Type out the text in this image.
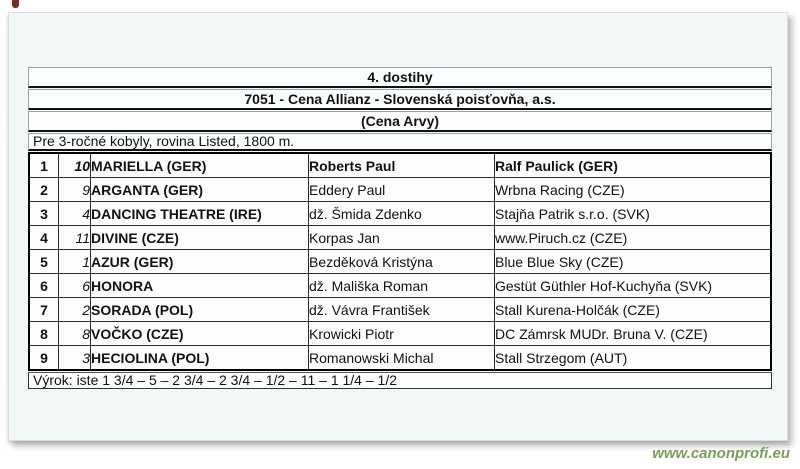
4. dostihy
7051 - Cena Allianz - Slovenská poisťovňa, a.s.
(Cena Arvy)
Pre 3-ročné kobyly, rovina Listed, 1800 m.
1	10	MARIELLA (GER)	Roberts Paul	Ralf Paulick (GER)
2	9	ARGANTA (GER)	Eddery Paul	Wrbna Racing (CZE)
3	4	DANCING THEATRE (IRE)	dž. Šmida Zdenko	Stajňa Patrik s.r.o. (SVK)
4	11	DIVINE (CZE)	Korpas Jan	www.Piruch.cz (CZE)
5	1	AZUR (GER)	Bezděková Kristýna	Blue Blue Sky (CZE)
6	6	HONORA	dž. Mališka Roman	Gestüt Güthler Hof-Kuchyňa (SVK)
7	2	SORADA (POL)	dž. Vávra František	Stall Kurena-Holčák (CZE)
8	8	VOČKO (CZE)	Krowicki Piotr	DC Zámrsk MUDr. Bruna V. (CZE)
9	3	HECIOLINA (POL)	Romanowski Michal	Stall Strzegom (AUT)
Výrok: iste 1 3/4 – 5 – 2 3/4 – 2 3/4 – 1/2 – 11 – 1 1/4 – 1/2
www.canonprofi.eu
